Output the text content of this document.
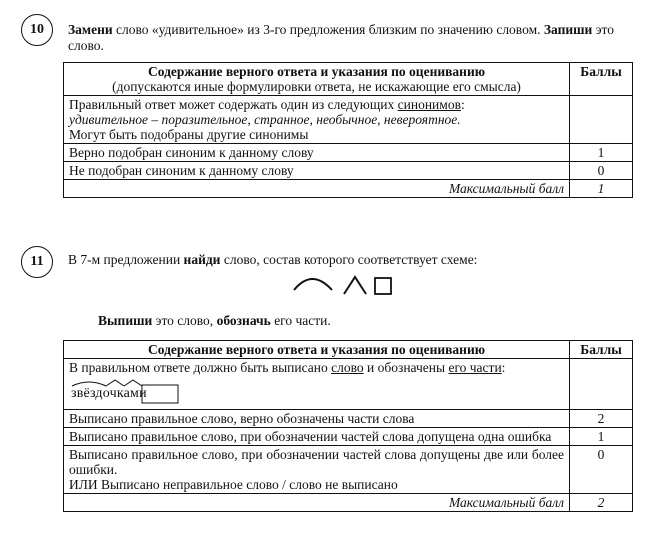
10	Замени слово «удивительное» из 3-го предложения близким по значению словом. Запиши это слово.
Содержание верного ответа и указания по оцениванию
(допускаются иные формулировки ответа, не искажающие его смысла)	Баллы

Правильный ответ может содержать один из следующих синонимов:
удивительное – поразительное, странное, необычное, невероятное.
Могут быть подобраны другие синонимы	

Верно подобран синоним к данному слову	1
Не подобран синоним к данному слову	0
Максимальный балл	1
11	В 7-м предложении найди слово, состав которого соответствует схеме:
Выпиши это слово, обозначь его части.
Содержание верного ответа и указания по оцениванию	Баллы

В правильном ответе должно быть выписано слово и обозначены его части:
звёздочками	

Выписано правильное слово, верно обозначены части слова	2
Выписано правильное слово, при обозначении частей слова допущена одна ошибка	1

Выписано правильное слово, при обозначении частей слова допущены две или более ошибки.
ИЛИ Выписано неправильное слово / слово не выписано	0
Максимальный балл	2
